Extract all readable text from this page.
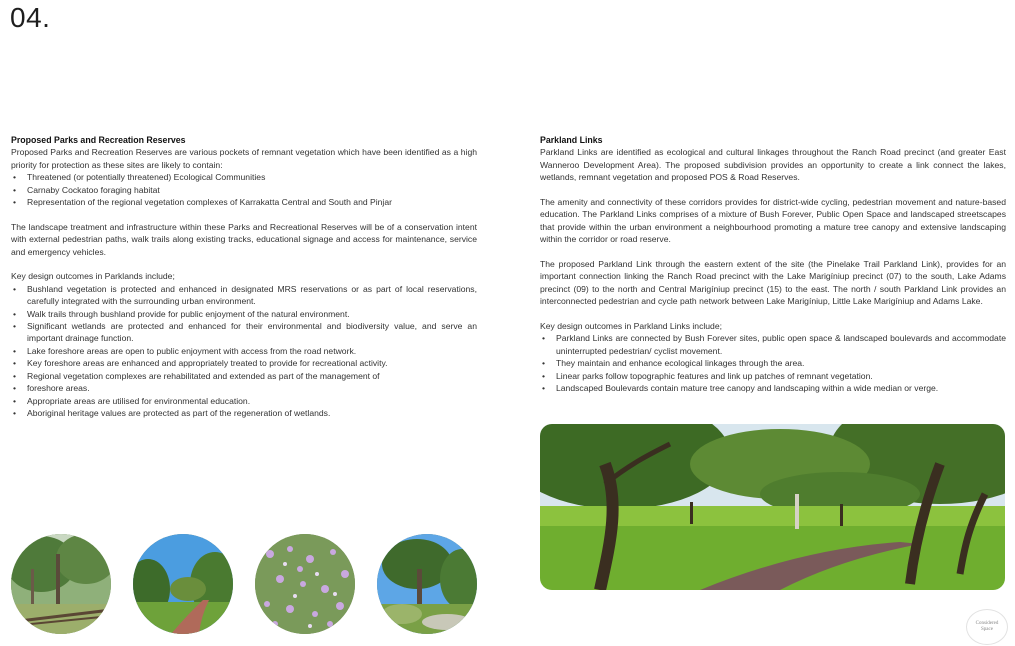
04.
Proposed Parks and Recreation Reserves

Proposed Parks and Recreation Reserves are various pockets of remnant vegetation which have been identified as a high priority for protection as these sites are likely to contain:

• Threatened (or potentially threatened) Ecological Communities
• Carnaby Cockatoo foraging habitat
• Representation of the regional vegetation complexes of Karrakatta Central and South and Pinjar

The landscape treatment and infrastructure within these Parks and Recreational Reserves will be of a conservation intent with external pedestrian paths, walk trails along existing tracks, educational signage and access for maintenance, service and emergency vehicles.

Key design outcomes in Parklands include;

• Bushland vegetation is protected and enhanced in designated MRS reservations or as part of local reservations, carefully integrated with the surrounding urban environment.
• Walk trails through bushland provide for public enjoyment of the natural environment.
• Significant wetlands are protected and enhanced for their environmental and biodiversity value, and serve an important drainage function.
• Lake foreshore areas are open to public enjoyment with access from the road network.
• Key foreshore areas are enhanced and appropriately treated to provide for recreational activity.
• Regional vegetation complexes are rehabilitated and extended as part of the management of
• foreshore areas.
• Appropriate areas are utilised for environmental education.
• Aboriginal heritage values are protected as part of the regeneration of wetlands.
Parkland Links

Parkland Links are identified as ecological and cultural linkages throughout the Ranch Road precinct (and greater East Wanneroo Development Area). The proposed subdivision provides an opportunity to create a link connect the lakes, wetlands, remnant vegetation and proposed POS & Road Reserves.

The amenity and connectivity of these corridors provides for district-wide cycling, pedestrian movement and nature-based education. The Parkland Links comprises of a mixture of Bush Forever, Public Open Space and landscaped streetscapes that provide within the urban environment a neighbourhood promoting a mature tree canopy and extensive landscaping within the corridor or road reserve.

The proposed Parkland Link through the eastern extent of the site (the Pinelake Trail Parkland Link), provides for an important connection linking the Ranch Road precinct with the Lake Marigíniup precinct (07) to the south, Lake Adams precinct (09) to the north and Central Marigíniup precinct (15) to the east. The north / south Parkland Link provides an interconnected pedestrian and cycle path network between Lake Marigíniup, Little Lake Marigíniup and Adams Lake.

Key design outcomes in Parkland Links include;

• Parkland Links are connected by Bush Forever sites, public open space & landscaped boulevards and accommodate uninterrupted pedestrian/ cyclist movement.
• They maintain and enhance ecological linkages through the area.
• Linear parks follow topographic features and link up patches of remnant vegetation.
• Landscaped Boulevards contain mature tree canopy and landscaping within a wide median or verge.
Considered
Space
